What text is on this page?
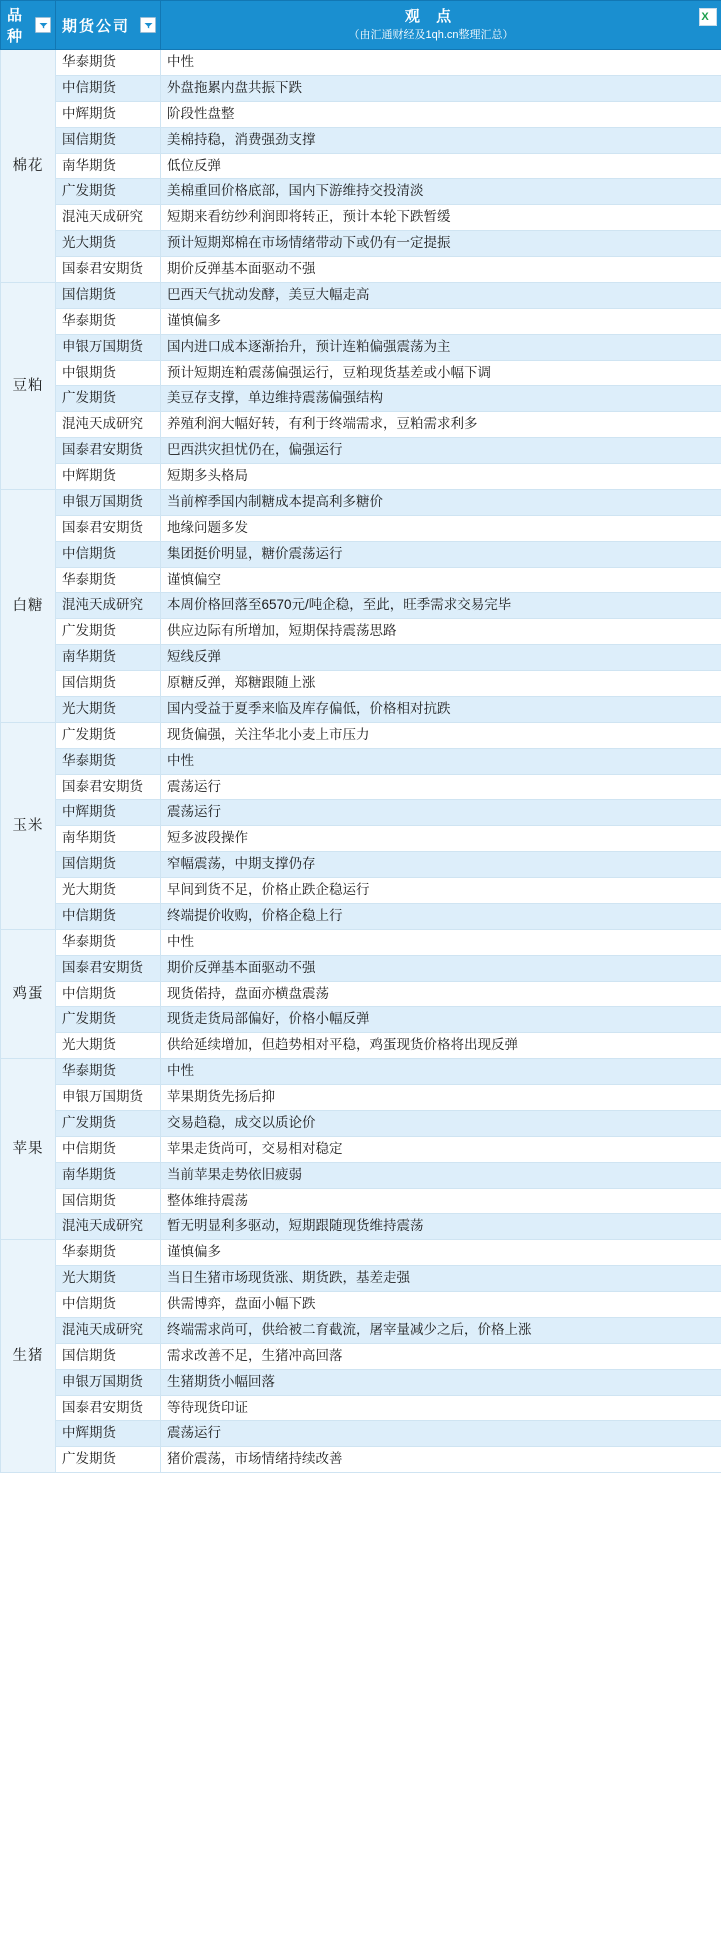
品 种	期货公司	观 点
（由汇通财经及1qh.cn整理汇总）
X

棉花	华泰期货	中性
	中信期货	外盘拖累内盘共振下跌
	中辉期货	阶段性盘整
	国信期货	美棉持稳，消费强劲支撑
	南华期货	低位反弹
	广发期货	美棉重回价格底部，国内下游维持交投清淡
	混沌天成研究	短期来看纺纱利润即将转正，预计本轮下跌暂缓
	光大期货	预计短期郑棉在市场情绪带动下或仍有一定提振
	国泰君安期货	期价反弹基本面驱动不强
豆粕	国信期货	巴西天气扰动发酵，美豆大幅走高
	华泰期货	谨慎偏多
	申银万国期货	国内进口成本逐渐抬升，预计连粕偏强震荡为主
	中银期货	预计短期连粕震荡偏强运行，豆粕现货基差或小幅下调
	广发期货	美豆存支撑，单边维持震荡偏强结构
	混沌天成研究	养殖利润大幅好转，有利于终端需求，豆粕需求利多
	国泰君安期货	巴西洪灾担忧仍在，偏强运行
	中辉期货	短期多头格局
白糖	申银万国期货	当前榨季国内制糖成本提高利多糖价
	国泰君安期货	地缘问题多发
	中信期货	集团挺价明显，糖价震荡运行
	华泰期货	谨慎偏空
	混沌天成研究	本周价格回落至6570元/吨企稳，至此，旺季需求交易完毕
	广发期货	供应边际有所增加，短期保持震荡思路
	南华期货	短线反弹
	国信期货	原糖反弹，郑糖跟随上涨
	光大期货	国内受益于夏季来临及库存偏低，价格相对抗跌
玉米	广发期货	现货偏强，关注华北小麦上市压力
	华泰期货	中性
	国泰君安期货	震荡运行
	中辉期货	震荡运行
	南华期货	短多波段操作
	国信期货	窄幅震荡，中期支撑仍存
	光大期货	早间到货不足，价格止跌企稳运行
	中信期货	终端提价收购，价格企稳上行
鸡蛋	华泰期货	中性
	国泰君安期货	期价反弹基本面驱动不强
	中信期货	现货偌持，盘面亦横盘震荡
	广发期货	现货走货局部偏好，价格小幅反弹
	光大期货	供给延续增加，但趋势相对平稳，鸡蛋现货价格将出现反弹
苹果	华泰期货	中性
	申银万国期货	苹果期货先扬后抑
	广发期货	交易趋稳，成交以质论价
	中信期货	苹果走货尚可，交易相对稳定
	南华期货	当前苹果走势依旧疲弱
	国信期货	整体维持震荡
	混沌天成研究	暂无明显利多驱动，短期跟随现货维持震荡
生猪	华泰期货	谨慎偏多
	光大期货	当日生猪市场现货涨、期货跌，基差走强
	中信期货	供需博弈，盘面小幅下跌
	混沌天成研究	终端需求尚可，供给被二育截流，屠宰量减少之后，价格上涨
	国信期货	需求改善不足，生猪冲高回落
	申银万国期货	生猪期货小幅回落
	国泰君安期货	等待现货印证
	中辉期货	震荡运行
	广发期货	猪价震荡，市场情绪持续改善
